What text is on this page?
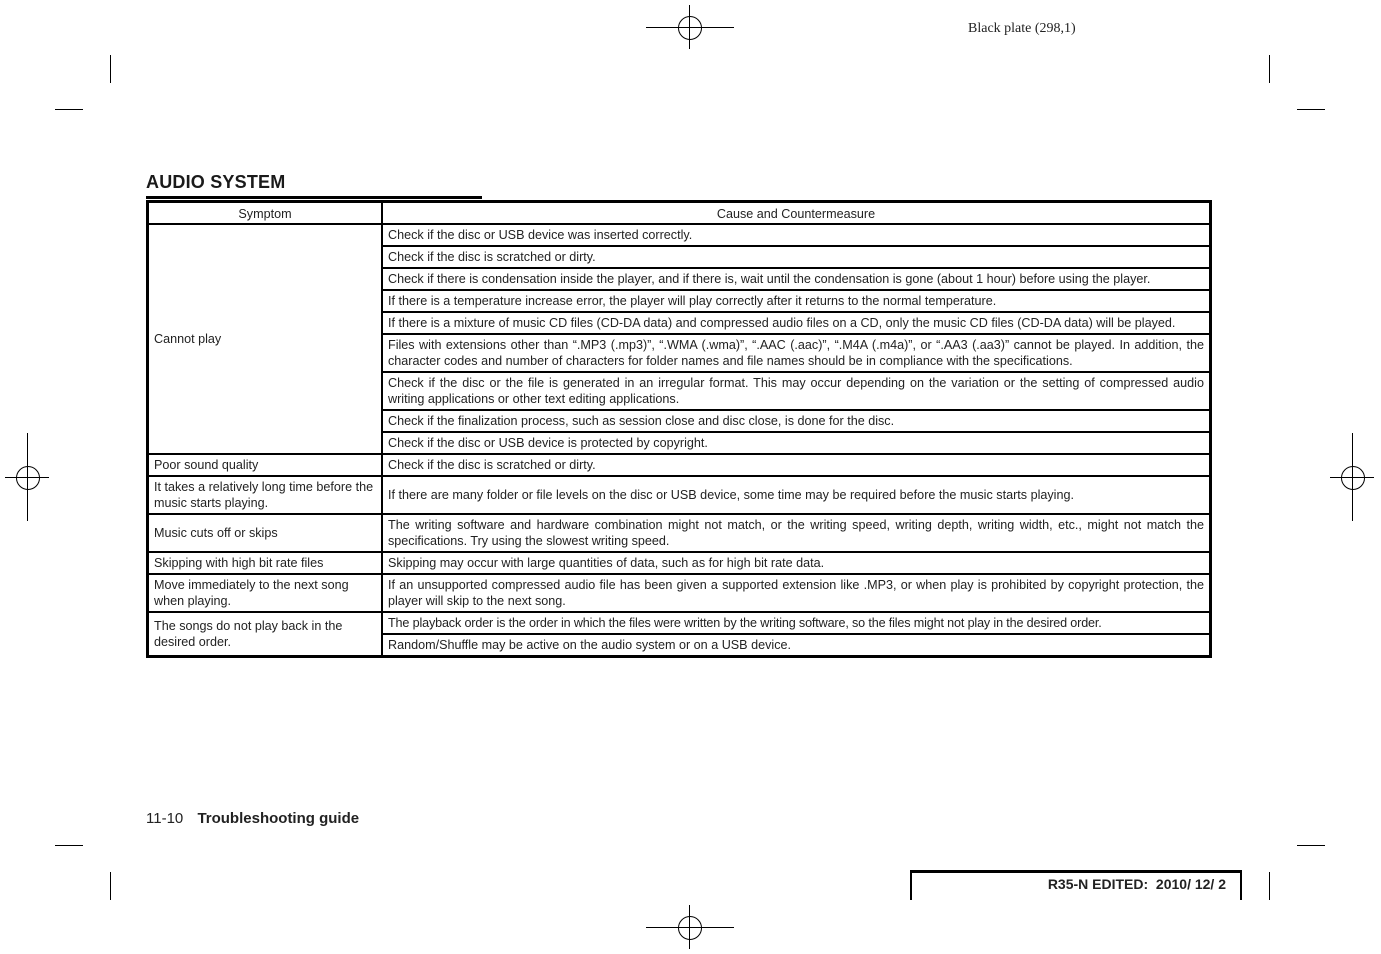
Black plate (298,1)
AUDIO SYSTEM
Symptom	Cause and Countermeasure
Cannot play	Check if the disc or USB device was inserted correctly.
	Check if the disc is scratched or dirty.
	Check if there is condensation inside the player, and if there is, wait until the condensation is gone (about 1 hour) before using the player.
	If there is a temperature increase error, the player will play correctly after it returns to the normal temperature.
	If there is a mixture of music CD files (CD-DA data) and compressed audio files on a CD, only the music CD files (CD-DA data) will be played.
	Files with extensions other than “.MP3 (.mp3)”, “.WMA (.wma)”, “.AAC (.aac)”, “.M4A (.m4a)”, or “.AA3 (.aa3)” cannot be played. In addition, the character codes and number of characters for folder names and file names should be in compliance with the specifications.
	Check if the disc or the file is generated in an irregular format. This may occur depending on the variation or the setting of compressed audio writing applications or other text editing applications.
	Check if the finalization process, such as session close and disc close, is done for the disc.
	Check if the disc or USB device is protected by copyright.
Poor sound quality	Check if the disc is scratched or dirty.
It takes a relatively long time before the music starts playing.	If there are many folder or file levels on the disc or USB device, some time may be required before the music starts playing.
Music cuts off or skips	The writing software and hardware combination might not match, or the writing speed, writing depth, writing width, etc., might not match the specifications. Try using the slowest writing speed.
Skipping with high bit rate files	Skipping may occur with large quantities of data, such as for high bit rate data.
Move immediately to the next song when playing.	If an unsupported compressed audio file has been given a supported extension like .MP3, or when play is prohibited by copyright protection, the player will skip to the next song.
The songs do not play back in the desired order.	The playback order is the order in which the files were written by the writing software, so the files might not play in the desired order.
	Random/Shuffle may be active on the audio system or on a USB device.
11-10 Troubleshooting guide
R35-N EDITED:  2010/ 12/ 2
